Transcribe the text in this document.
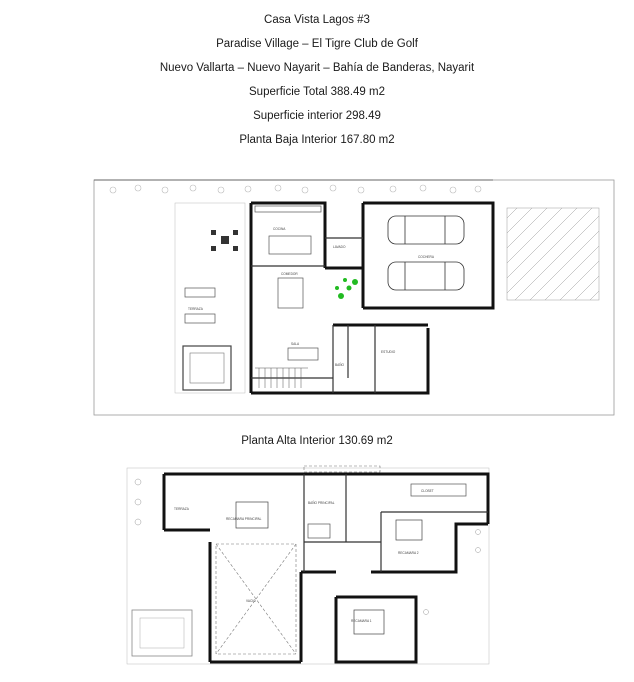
Casa Vista Lagos #3
Paradise Village – El Tigre Club de Golf
Nuevo Vallarta – Nuevo Nayarit – Bahía de Banderas, Nayarit
Superficie Total 388.49 m2
Superficie interior 298.49
Planta Baja Interior 167.80 m2
COCINA
COCHERA
TERRAZA
SALA
COMEDOR
ESTUDIO
BAÑO
LAVADO
Planta Alta Interior 130.69 m2
TERRAZA
RECAMARA PRINCIPAL
BAÑO PRINCIPAL
CLOSET
RECAMARA 2
RECAMARA 1
VACIO
